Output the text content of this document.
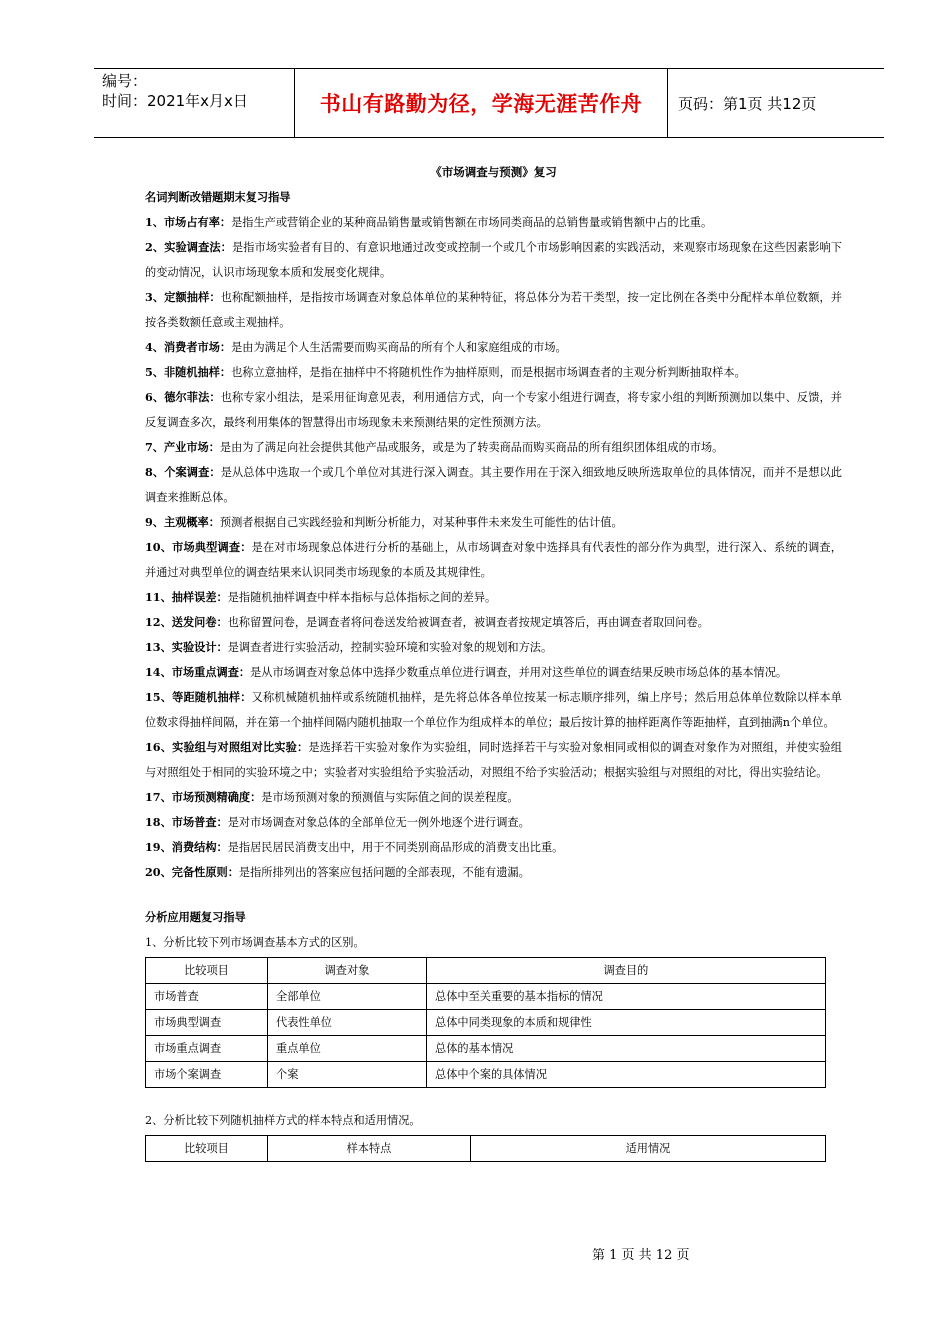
编号：
时间：2021年x月x日	书山有路勤为径，学海无涯苦作舟	页码：第1页 共12页
《市场调查与预测》复习
名词判断改错题期末复习指导
1、市场占有率：是指生产或营销企业的某种商品销售量或销售额在市场同类商品的总销售量或销售额中占的比重。
2、实验调查法：是指市场实验者有目的、有意识地通过改变或控制一个或几个市场影响因素的实践活动，来观察市场现象在这些因素影响下的变动情况，认识市场现象本质和发展变化规律。
3、定额抽样：也称配额抽样，是指按市场调查对象总体单位的某种特征，将总体分为若干类型，按一定比例在各类中分配样本单位数额，并按各类数额任意或主观抽样。
4、消费者市场：是由为满足个人生活需要而购买商品的所有个人和家庭组成的市场。
5、非随机抽样：也称立意抽样，是指在抽样中不将随机性作为抽样原则，而是根据市场调查者的主观分析判断抽取样本。
6、德尔菲法：也称专家小组法，是采用征询意见表，利用通信方式，向一个专家小组进行调查，将专家小组的判断预测加以集中、反馈，并反复调查多次，最终利用集体的智慧得出市场现象未来预测结果的定性预测方法。
7、产业市场：是由为了满足向社会提供其他产品或服务，或是为了转卖商品而购买商品的所有组织团体组成的市场。
8、个案调查：是从总体中选取一个或几个单位对其进行深入调查。其主要作用在于深入细致地反映所选取单位的具体情况，而并不是想以此调查来推断总体。
9、主观概率：预测者根据自己实践经验和判断分析能力，对某种事件未来发生可能性的估计值。
10、市场典型调查：是在对市场现象总体进行分析的基础上，从市场调查对象中选择具有代表性的部分作为典型，进行深入、系统的调查，并通过对典型单位的调查结果来认识同类市场现象的本质及其规律性。
11、抽样误差：是指随机抽样调查中样本指标与总体指标之间的差异。
12、送发问卷：也称留置问卷，是调查者将问卷送发给被调查者，被调查者按规定填答后，再由调查者取回问卷。
13、实验设计：是调查者进行实验活动，控制实验环境和实验对象的规划和方法。
14、市场重点调查：是从市场调查对象总体中选择少数重点单位进行调查，并用对这些单位的调查结果反映市场总体的基本情况。
15、等距随机抽样：又称机械随机抽样或系统随机抽样，是先将总体各单位按某一标志顺序排列，编上序号；然后用总体单位数除以样本单位数求得抽样间隔，并在第一个抽样间隔内随机抽取一个单位作为组成样本的单位；最后按计算的抽样距离作等距抽样，直到抽满n个单位。
16、实验组与对照组对比实验：是选择若干实验对象作为实验组，同时选择若干与实验对象相同或相似的调查对象作为对照组，并使实验组与对照组处于相同的实验环境之中；实验者对实验组给予实验活动，对照组不给予实验活动；根据实验组与对照组的对比，得出实验结论。
17、市场预测精确度：是市场预测对象的预测值与实际值之间的误差程度。
18、市场普查：是对市场调查对象总体的全部单位无一例外地逐个进行调查。
19、消费结构：是指居民居民消费支出中，用于不同类别商品形成的消费支出比重。
20、完备性原则：是指所排列出的答案应包括问题的全部表现，不能有遗漏。
分析应用题复习指导
1、分析比较下列市场调查基本方式的区别。
比较项目	调查对象	调查目的
市场普查	全部单位	总体中至关重要的基本指标的情况
市场典型调查	代表性单位	总体中同类现象的本质和规律性
市场重点调查	重点单位	总体的基本情况
市场个案调查	个案	总体中个案的具体情况
2、分析比较下列随机抽样方式的样本特点和适用情况。
比较项目	样本特点	适用情况
第 1 页 共 12 页
